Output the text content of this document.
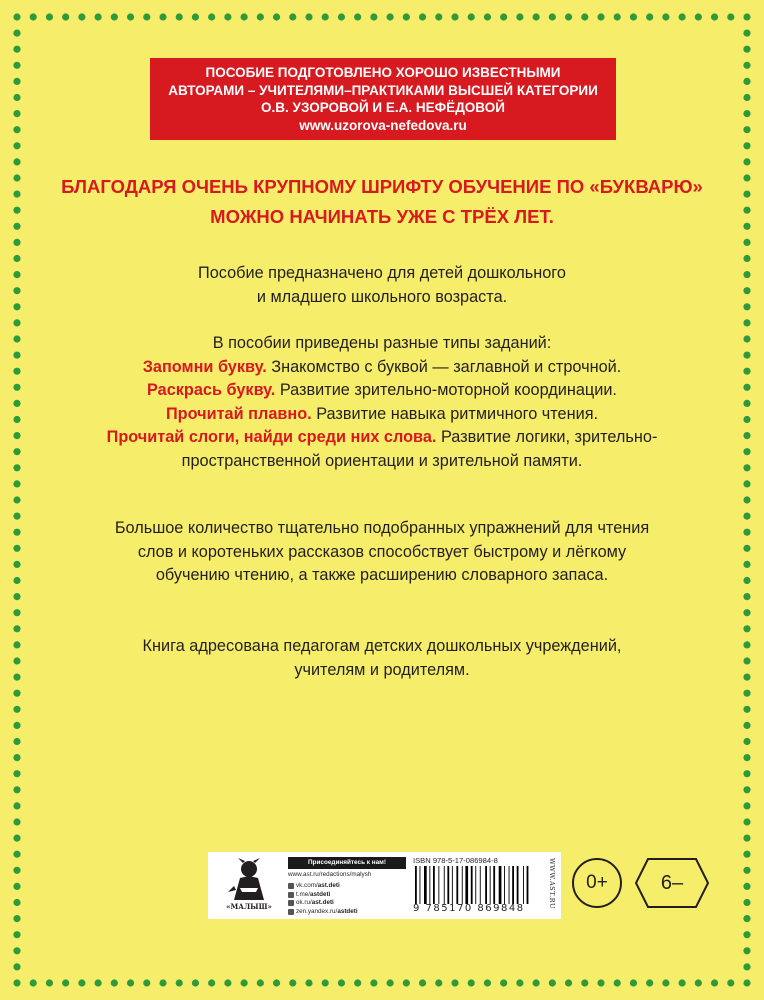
ПОСОБИЕ ПОДГОТОВЛЕНО ХОРОШО ИЗВЕСТНЫМИ
АВТОРАМИ – УЧИТЕЛЯМИ–ПРАКТИКАМИ ВЫСШЕЙ КАТЕГОРИИ
О.В. УЗОРОВОЙ И Е.А. НЕФЁДОВОЙ
www.uzorova-nefedova.ru
БЛАГОДАРЯ ОЧЕНЬ КРУПНОМУ ШРИФТУ ОБУЧЕНИЕ ПО «БУКВАРЮ»
МОЖНО НАЧИНАТЬ УЖЕ С ТРЁХ ЛЕТ.
Пособие предназначено для детей дошкольного
и младшего школьного возраста.
В пособии приведены разные типы заданий:
Запомни букву. Знакомство с буквой — заглавной и строчной.
Раскрась букву. Развитие зрительно-моторной координации.
Прочитай плавно. Развитие навыка ритмичного чтения.
Прочитай слоги, найди среди них слова. Развитие логики, зрительно-
пространственной ориентации и зрительной памяти.
Большое количество тщательно подобранных упражнений для чтения
слов и коротеньких рассказов способствует быстрому и лёгкому
обучению чтению, а также расширению словарного запаса.
Книга адресована педагогам детских дошкольных учреждений,
учителям и родителям.
«МАЛЫШ»
Присоединяйтесь к нам!
www.ast.ru/redactions/malysh
vk.com/ ast.deti
t.me/ astdeti
ok.ru/ ast.deti
zen.yandex.ru/ astdeti
ISBN 978-5-17-086984-8
9 785170 869848	WWW.AST.RU	0+	6–
